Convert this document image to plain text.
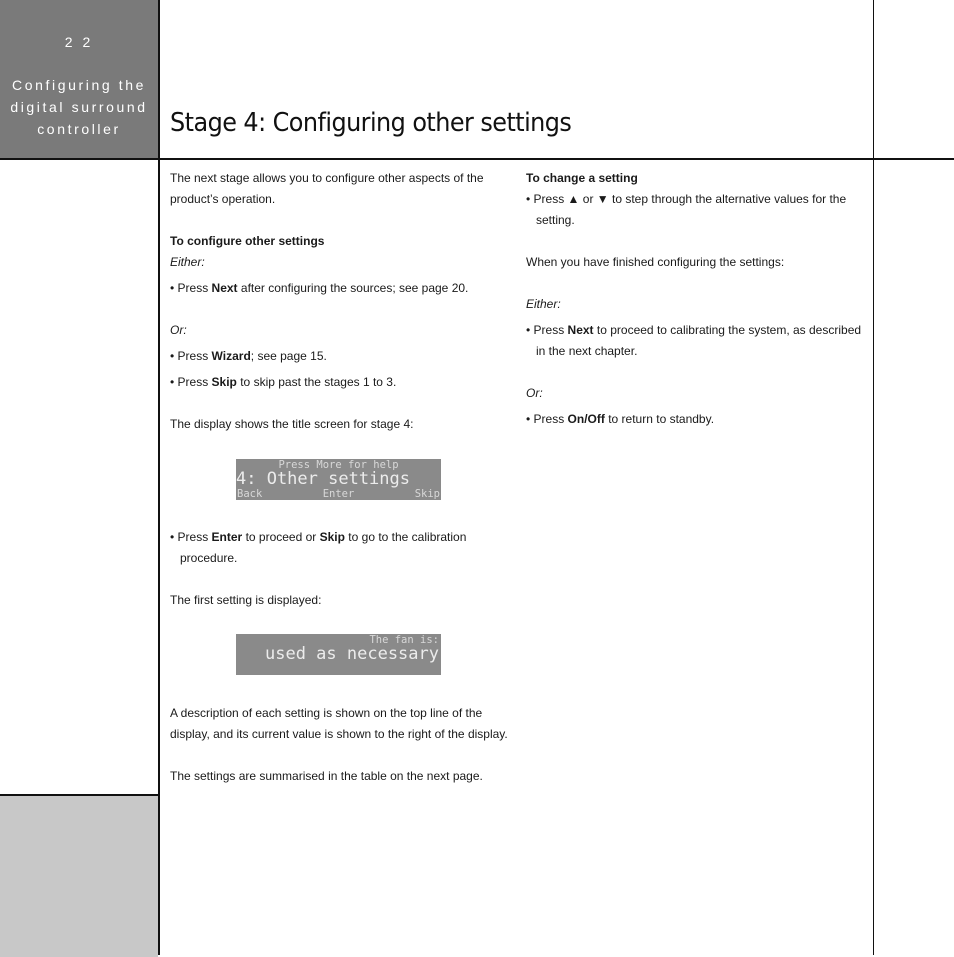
2 2
Configuring the
digital surround
controller	Stage 4: Configuring other settings

The next stage allows you to configure other aspects of the product’s operation.

To configure other settings

Either:

• Press Next after configuring the sources; see page 20.

Or:

• Press Wizard; see page 15.

• Press Skip to skip past the stages 1 to 3.

The display shows the title screen for stage 4:

• Press Enter to proceed or Skip to go to the calibration procedure.

The first setting is displayed:

A description of each setting is shown on the top line of the display, and its current value is shown to the right of the display.

The settings are summarised in the table on the next page.

Press More for help
4: Other settings
Back	Enter	Skip
The fan is:
used as necessary

To change a setting

• Press ▲ or ▼ to step through the alternative values for the setting.

When you have finished configuring the settings:

Either:

• Press Next to proceed to calibrating the system, as described in the next chapter.

Or:

• Press On/Off to return to standby.
